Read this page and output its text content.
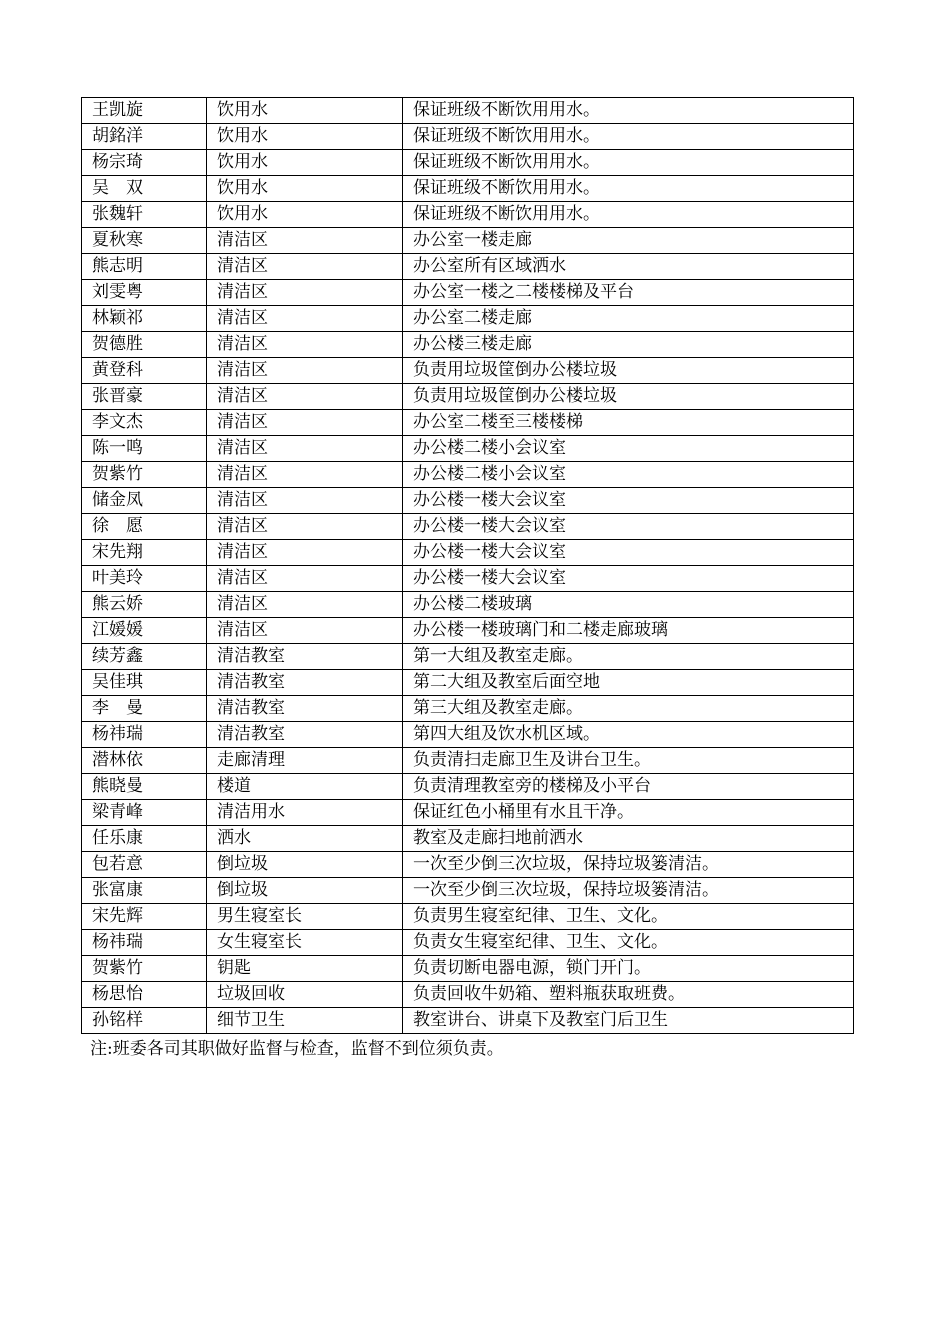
王凯旋	饮用水	保证班级不断饮用用水。
胡銘洋	饮用水	保证班级不断饮用用水。
杨宗琦	饮用水	保证班级不断饮用用水。
吴　双	饮用水	保证班级不断饮用用水。
张魏轩	饮用水	保证班级不断饮用用水。
夏秋寒	清洁区	办公室一楼走廊
熊志明	清洁区	办公室所有区域洒水
刘雯粤	清洁区	办公室一楼之二楼楼梯及平台
林颖祁	清洁区	办公室二楼走廊
贺德胜	清洁区	办公楼三楼走廊
黄登科	清洁区	负责用垃圾筐倒办公楼垃圾
张晋豪	清洁区	负责用垃圾筐倒办公楼垃圾
李文杰	清洁区	办公室二楼至三楼楼梯
陈一鸣	清洁区	办公楼二楼小会议室
贺紫竹	清洁区	办公楼二楼小会议室
储金凤	清洁区	办公楼一楼大会议室
徐　愿	清洁区	办公楼一楼大会议室
宋先翔	清洁区	办公楼一楼大会议室
叶美玲	清洁区	办公楼一楼大会议室
熊云娇	清洁区	办公楼二楼玻璃
江媛媛	清洁区	办公楼一楼玻璃门和二楼走廊玻璃
续芳鑫	清洁教室	第一大组及教室走廊。
吴佳琪	清洁教室	第二大组及教室后面空地
李　曼	清洁教室	第三大组及教室走廊。
杨祎瑞	清洁教室	第四大组及饮水机区域。
潜林依	走廊清理	负责清扫走廊卫生及讲台卫生。
熊晓曼	楼道	负责清理教室旁的楼梯及小平台
梁青峰	清洁用水	保证红色小桶里有水且干净。
任乐康	洒水	教室及走廊扫地前洒水
包若意	倒垃圾	一次至少倒三次垃圾，保持垃圾篓清洁。
张富康	倒垃圾	一次至少倒三次垃圾，保持垃圾篓清洁。
宋先辉	男生寝室长	负责男生寝室纪律、卫生、文化。
杨祎瑞	女生寝室长	负责女生寝室纪律、卫生、文化。
贺紫竹	钥匙	负责切断电器电源，锁门开门。
杨思怡	垃圾回收	负责回收牛奶箱、塑料瓶获取班费。
孙铭样	细节卫生	教室讲台、讲桌下及教室门后卫生
注:班委各司其职做好监督与检查，监督不到位须负责。
